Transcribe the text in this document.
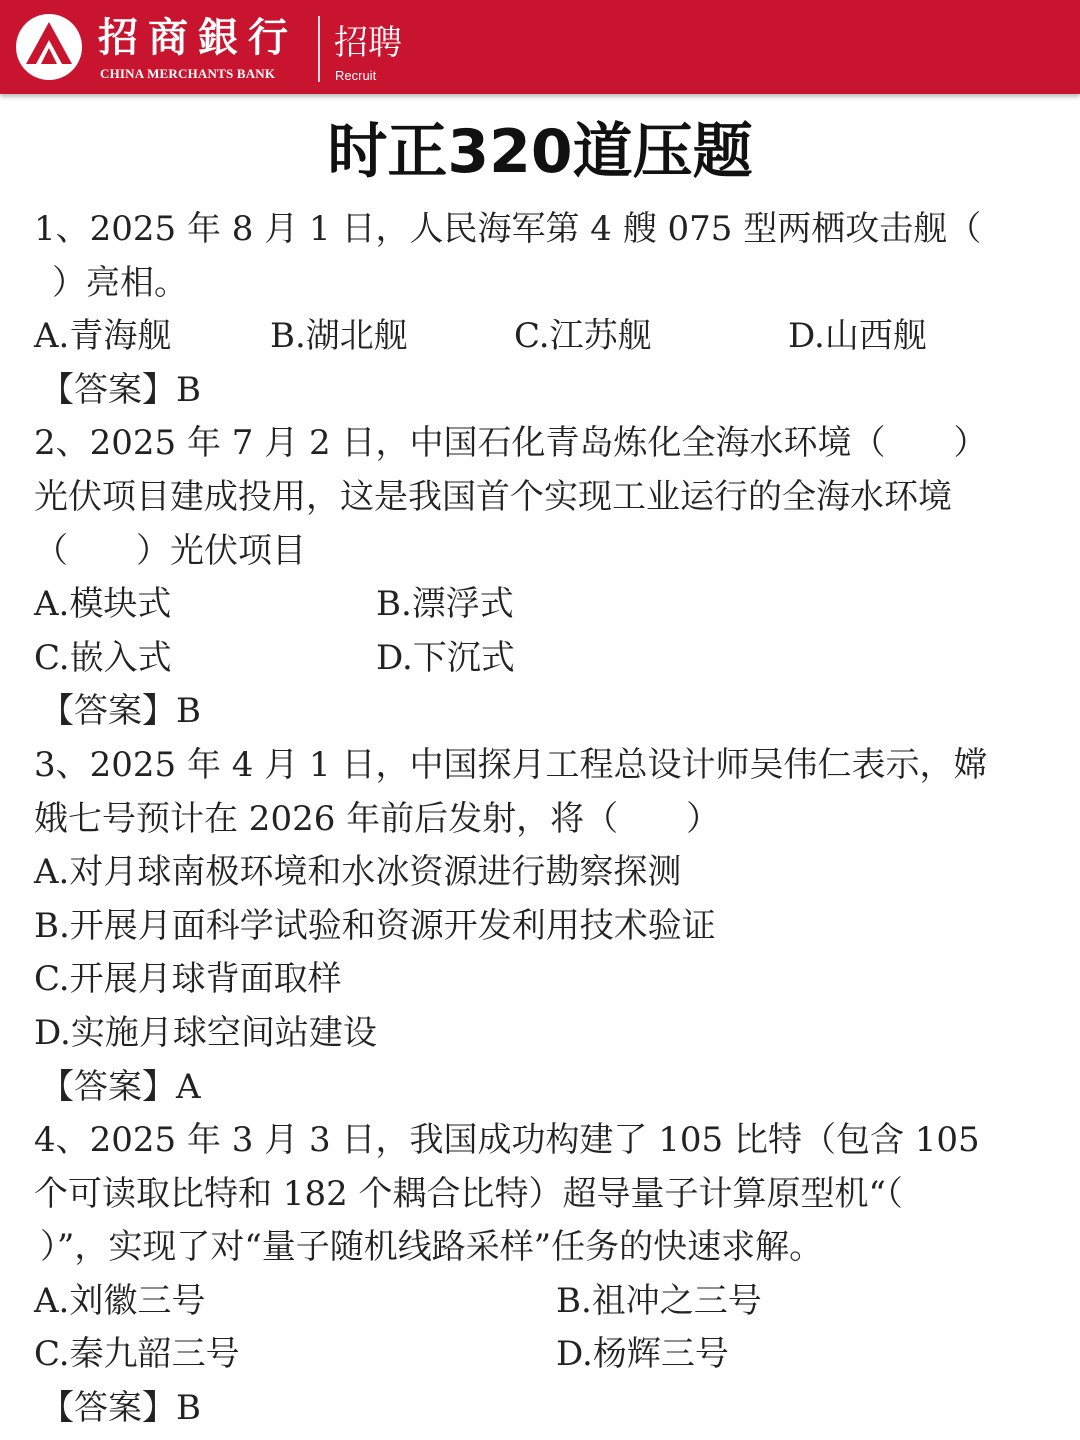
招商銀行
CHINA MERCHANTS BANK
招聘
Recruit
时正320道压题
1、2025 年 8 月 1 日，人民海军第 4 艘 075 型两栖攻击舰（
）亮相。
A.青海舰	B.湖北舰	C.江苏舰	D.山西舰
【答案】B
2、2025 年 7 月 2 日，中国石化青岛炼化全海水环境（　　）
光伏项目建成投用，这是我国首个实现工业运行的全海水环境
（　　）光伏项目
A.模块式	B.漂浮式
C.嵌入式	D.下沉式
【答案】B
3、2025 年 4 月 1 日，中国探月工程总设计师吴伟仁表示，嫦
娥七号预计在 2026 年前后发射，将（　　）
A.对月球南极环境和水冰资源进行勘察探测
B.开展月面科学试验和资源开发利用技术验证
C.开展月球背面取样
D.实施月球空间站建设
【答案】A
4、2025 年 3 月 3 日，我国成功构建了 105 比特（包含 105
个可读取比特和 182 个耦合比特）超导量子计算原型机“（
）”，实现了对“量子随机线路采样”任务的快速求解。
A.刘徽三号	B.祖冲之三号
C.秦九韶三号	D.杨辉三号
【答案】B
